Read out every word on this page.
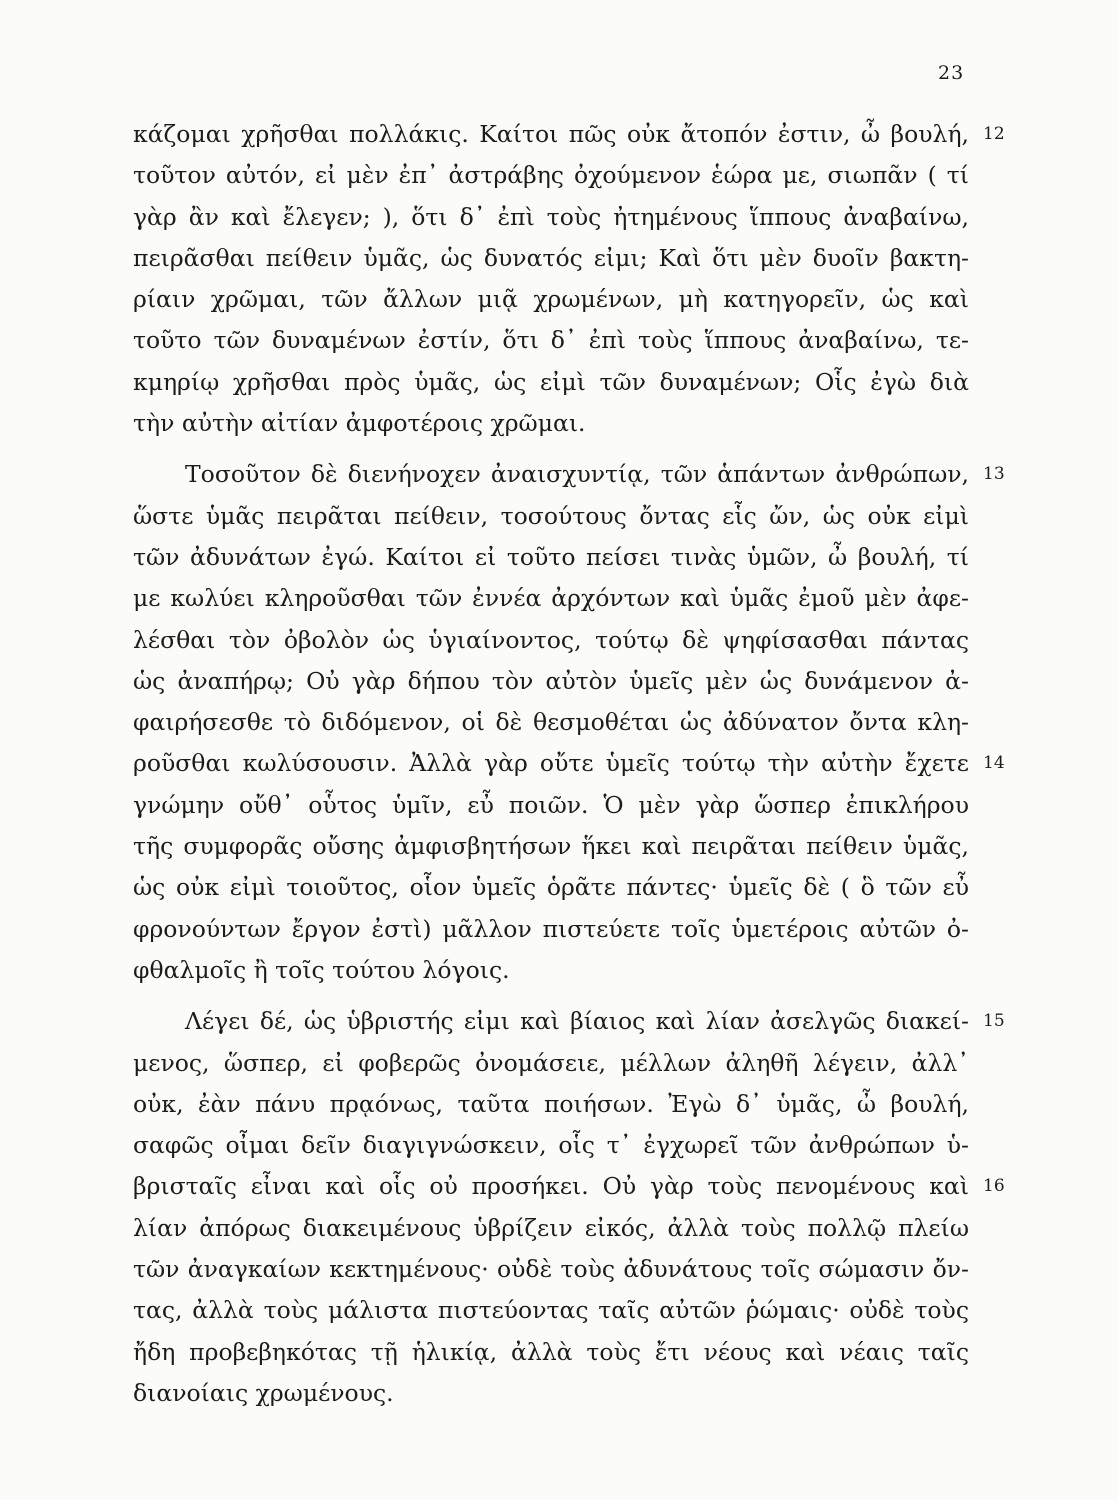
23
κάζομαι χρῆσθαι πολλάκις. Καίτοι πῶς οὐκ ἄτοπόν ἐστιν, ὦ βουλή, 12
τοῦτον αὐτόν, εἰ μὲν ἐπ᾿ ἀστράβης ὀχούμενον ἑώρα με, σιωπᾶν ( τί
γὰρ ἂν καὶ ἔλεγεν; ), ὅτι δ᾿ ἐπὶ τοὺς ἠτημένους ἵππους ἀναβαίνω,
πειρᾶσθαι πείθειν ὑμᾶς, ὡς δυνατός εἰμι; Καὶ ὅτι μὲν δυοῖν βακτη-
ρίαιν χρῶμαι, τῶν ἄλλων μιᾷ χρωμένων, μὴ κατηγορεῖν, ὡς καὶ
τοῦτο τῶν δυναμένων ἐστίν, ὅτι δ᾿ ἐπὶ τοὺς ἵππους ἀναβαίνω, τε-
κμηρίῳ χρῆσθαι πρὸς ὑμᾶς, ὡς εἰμὶ τῶν δυναμένων; Οἷς ἐγὼ διὰ
τὴν αὐτὴν αἰτίαν ἀμφοτέροις χρῶμαι.
Τοσοῦτον δὲ διενήνοχεν ἀναισχυντίᾳ, τῶν ἁπάντων ἀνθρώπων, 13
ὥστε ὑμᾶς πειρᾶται πείθειν, τοσούτους ὄντας εἷς ὤν, ὡς οὐκ εἰμὶ
τῶν ἀδυνάτων ἐγώ. Καίτοι εἰ τοῦτο πείσει τινὰς ὑμῶν, ὦ βουλή, τί
με κωλύει κληροῦσθαι τῶν ἐννέα ἀρχόντων καὶ ὑμᾶς ἐμοῦ μὲν ἀφε-
λέσθαι τὸν ὀβολὸν ὡς ὑγιαίνοντος, τούτῳ δὲ ψηφίσασθαι πάντας
ὡς ἀναπήρῳ; Οὐ γὰρ δήπου τὸν αὐτὸν ὑμεῖς μὲν ὡς δυνάμενον ἀ-
φαιρήσεσθε τὸ διδόμενον, οἱ δὲ θεσμοθέται ὡς ἀδύνατον ὄντα κλη-
ροῦσθαι κωλύσουσιν. Ἀλλὰ γὰρ οὔτε ὑμεῖς τούτῳ τὴν αὐτὴν ἔχετε 14
γνώμην οὔθ᾿ οὗτος ὑμῖν, εὖ ποιῶν. Ὁ μὲν γὰρ ὥσπερ ἐπικλήρου
τῆς συμφορᾶς οὔσης ἀμφισβητήσων ἥκει καὶ πειρᾶται πείθειν ὑμᾶς,
ὡς οὐκ εἰμὶ τοιοῦτος, οἷον ὑμεῖς ὁρᾶτε πάντες· ὑμεῖς δὲ ( ὃ τῶν εὖ
φρονούντων ἔργον ἐστὶ) μᾶλλον πιστεύετε τοῖς ὑμετέροις αὐτῶν ὀ-
φθαλμοῖς ἢ τοῖς τούτου λόγοις.
Λέγει δέ, ὡς ὑβριστής εἰμι καὶ βίαιος καὶ λίαν ἀσελγῶς διακεί- 15
μενος, ὥσπερ, εἰ φοβερῶς ὀνομάσειε, μέλλων ἀληθῆ λέγειν, ἀλλ᾿
οὐκ, ἐὰν πάνυ πρᾳόνως, ταῦτα ποιήσων. Ἐγὼ δ᾿ ὑμᾶς, ὦ βουλή,
σαφῶς οἶμαι δεῖν διαγιγνώσκειν, οἷς τ᾿ ἐγχωρεῖ τῶν ἀνθρώπων ὑ-
βρισταῖς εἶναι καὶ οἷς οὐ προσήκει. Οὐ γὰρ τοὺς πενομένους καὶ 16
λίαν ἀπόρως διακειμένους ὑβρίζειν εἰκός, ἀλλὰ τοὺς πολλῷ πλείω
τῶν ἀναγκαίων κεκτημένους· οὐδὲ τοὺς ἀδυνάτους τοῖς σώμασιν ὄν-
τας, ἀλλὰ τοὺς μάλιστα πιστεύοντας ταῖς αὐτῶν ῥώμαις· οὐδὲ τοὺς
ἤδη προβεβηκότας τῇ ἡλικίᾳ, ἀλλὰ τοὺς ἔτι νέους καὶ νέαις ταῖς
διανοίαις χρωμένους.
